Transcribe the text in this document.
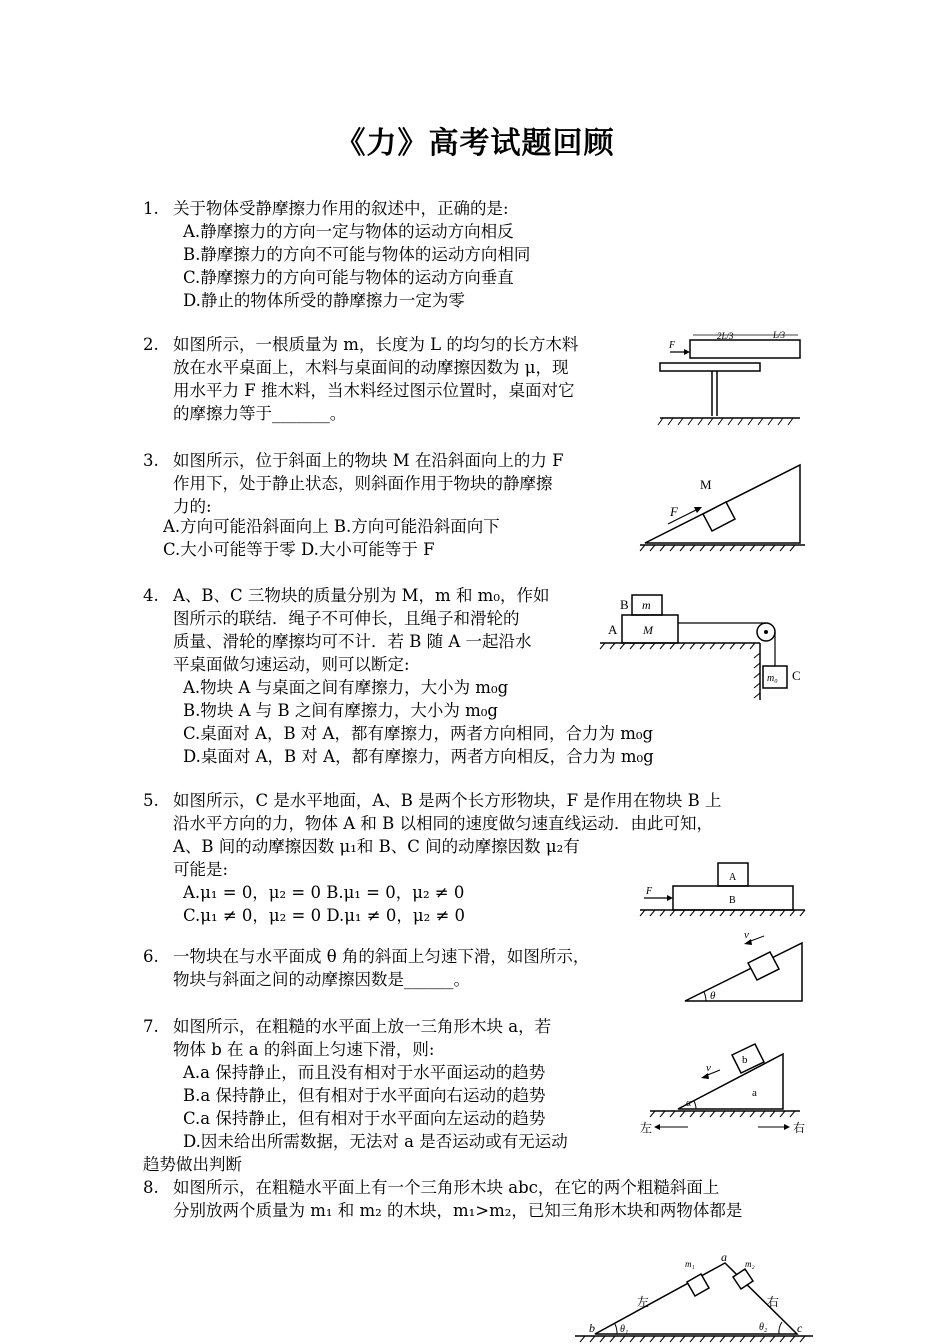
《力》高考试题回顾
1. 关于物体受静摩擦力作用的叙述中，正确的是:
A.静摩擦力的方向一定与物体的运动方向相反
B.静摩擦力的方向不可能与物体的运动方向相同
C.静摩擦力的方向可能与物体的运动方向垂直
D.静止的物体所受的静摩擦力一定为零
2. 如图所示，一根质量为 m，长度为 L 的均匀的长方木料
放在水平桌面上，木料与桌面间的动摩擦因数为 μ，现
用水平力 F 推木料，当木料经过图示位置时，桌面对它
的摩擦力等于_______。
F
2L/3	L/3
3. 如图所示，位于斜面上的物块 M 在沿斜面向上的力 F
作用下，处于静止状态，则斜面作用于物块的静摩擦
力的:
A.方向可能沿斜面向上 B.方向可能沿斜面向下
C.大小可能等于零 D.大小可能等于 F
M
F
4. A、B、C 三物块的质量分别为 M，m 和 m₀，作如
图所示的联结．绳子不可伸长，且绳子和滑轮的
质量、滑轮的摩擦均可不计．若 B 随 A 一起沿水
平桌面做匀速运动，则可以断定:
A.物块 A 与桌面之间有摩擦力，大小为 m₀g
B.物块 A 与 B 之间有摩擦力，大小为 m₀g
C.桌面对 A，B 对 A，都有摩擦力，两者方向相同，合力为 m₀g
D.桌面对 A，B 对 A，都有摩擦力，两者方向相反，合力为 m₀g
M
m
A
B
m₀ C
5. 如图所示，C 是水平地面，A、B 是两个长方形物块，F 是作用在物块 B 上
沿水平方向的力，物体 A 和 B 以相同的速度做匀速直线运动．由此可知，
A、B 间的动摩擦因数 μ₁和 B、C 间的动摩擦因数 μ₂有
可能是:
A.μ₁ = 0，μ₂ = 0 B.μ₁ = 0，μ₂ ≠ 0
C.μ₁ ≠ 0，μ₂ = 0 D.μ₁ ≠ 0，μ₂ ≠ 0
F
A
B
6. 一物块在与水平面成 θ 角的斜面上匀速下滑，如图所示，
物块与斜面之间的动摩擦因数是______。
v
θ
7. 如图所示，在粗糙的水平面上放一三角形木块 a，若
物体 b 在 a 的斜面上匀速下滑，则:
A.a 保持静止，而且没有相对于水平面运动的趋势
B.a 保持静止，但有相对于水平面向右运动的趋势
C.a 保持静止，但有相对于水平面向左运动的趋势
D.因未给出所需数据，无法对 a 是否运动或有无运动
趋势做出判断
b
a
v
α
左	右
8. 如图所示，在粗糙水平面上有一个三角形木块 abc，在它的两个粗糙斜面上
分别放两个质量为 m₁ 和 m₂ 的木块，m₁>m₂，已知三角形木块和两物体都是
m₁	m₂
a
b	c
左	右
θ₁	θ₂
